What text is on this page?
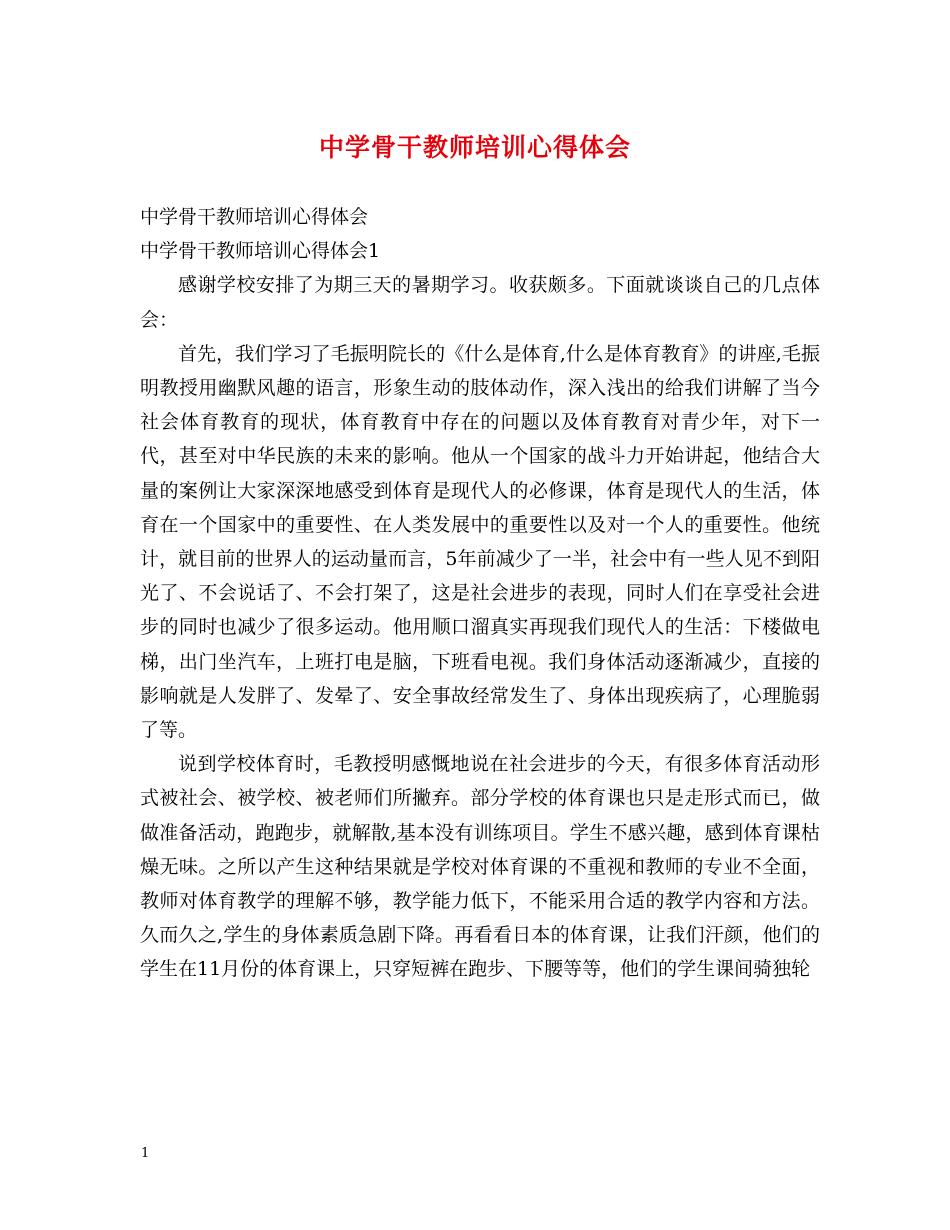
中学骨干教师培训心得体会

中学骨干教师培训心得体会

中学骨干教师培训心得体会1

感谢学校安排了为期三天的暑期学习。收获颇多。下面就谈谈自己的几点体会：

首先，我们学习了毛振明院长的《什么是体育,什么是体育教育》的讲座,毛振明教授用幽默风趣的语言，形象生动的肢体动作，深入浅出的给我们讲解了当今社会体育教育的现状，体育教育中存在的问题以及体育教育对青少年，对下一代，甚至对中华民族的未来的影响。他从一个国家的战斗力开始讲起，他结合大量的案例让大家深深地感受到体育是现代人的必修课，体育是现代人的生活，体育在一个国家中的重要性、在人类发展中的重要性以及对一个人的重要性。他统计，就目前的世界人的运动量而言，5年前减少了一半，社会中有一些人见不到阳光了、不会说话了、不会打架了，这是社会进步的表现，同时人们在享受社会进步的同时也减少了很多运动。他用顺口溜真实再现我们现代人的生活：下楼做电梯，出门坐汽车，上班打电是脑，下班看电视。我们身体活动逐渐减少，直接的影响就是人发胖了、发晕了、安全事故经常发生了、身体出现疾病了，心理脆弱了等。

说到学校体育时，毛教授明感慨地说在社会进步的今天，有很多体育活动形式被社会、被学校、被老师们所撇弃。部分学校的体育课也只是走形式而已，做做准备活动，跑跑步，就解散,基本没有训练项目。学生不感兴趣，感到体育课枯燥无味。之所以产生这种结果就是学校对体育课的不重视和教师的专业不全面，教师对体育教学的理解不够，教学能力低下，不能采用合适的教学内容和方法。久而久之,学生的身体素质急剧下降。再看看日本的体育课，让我们汗颜，他们的学生在11月份的体育课上，只穿短裤在跑步、下腰等等，他们的学生课间骑独轮

1
